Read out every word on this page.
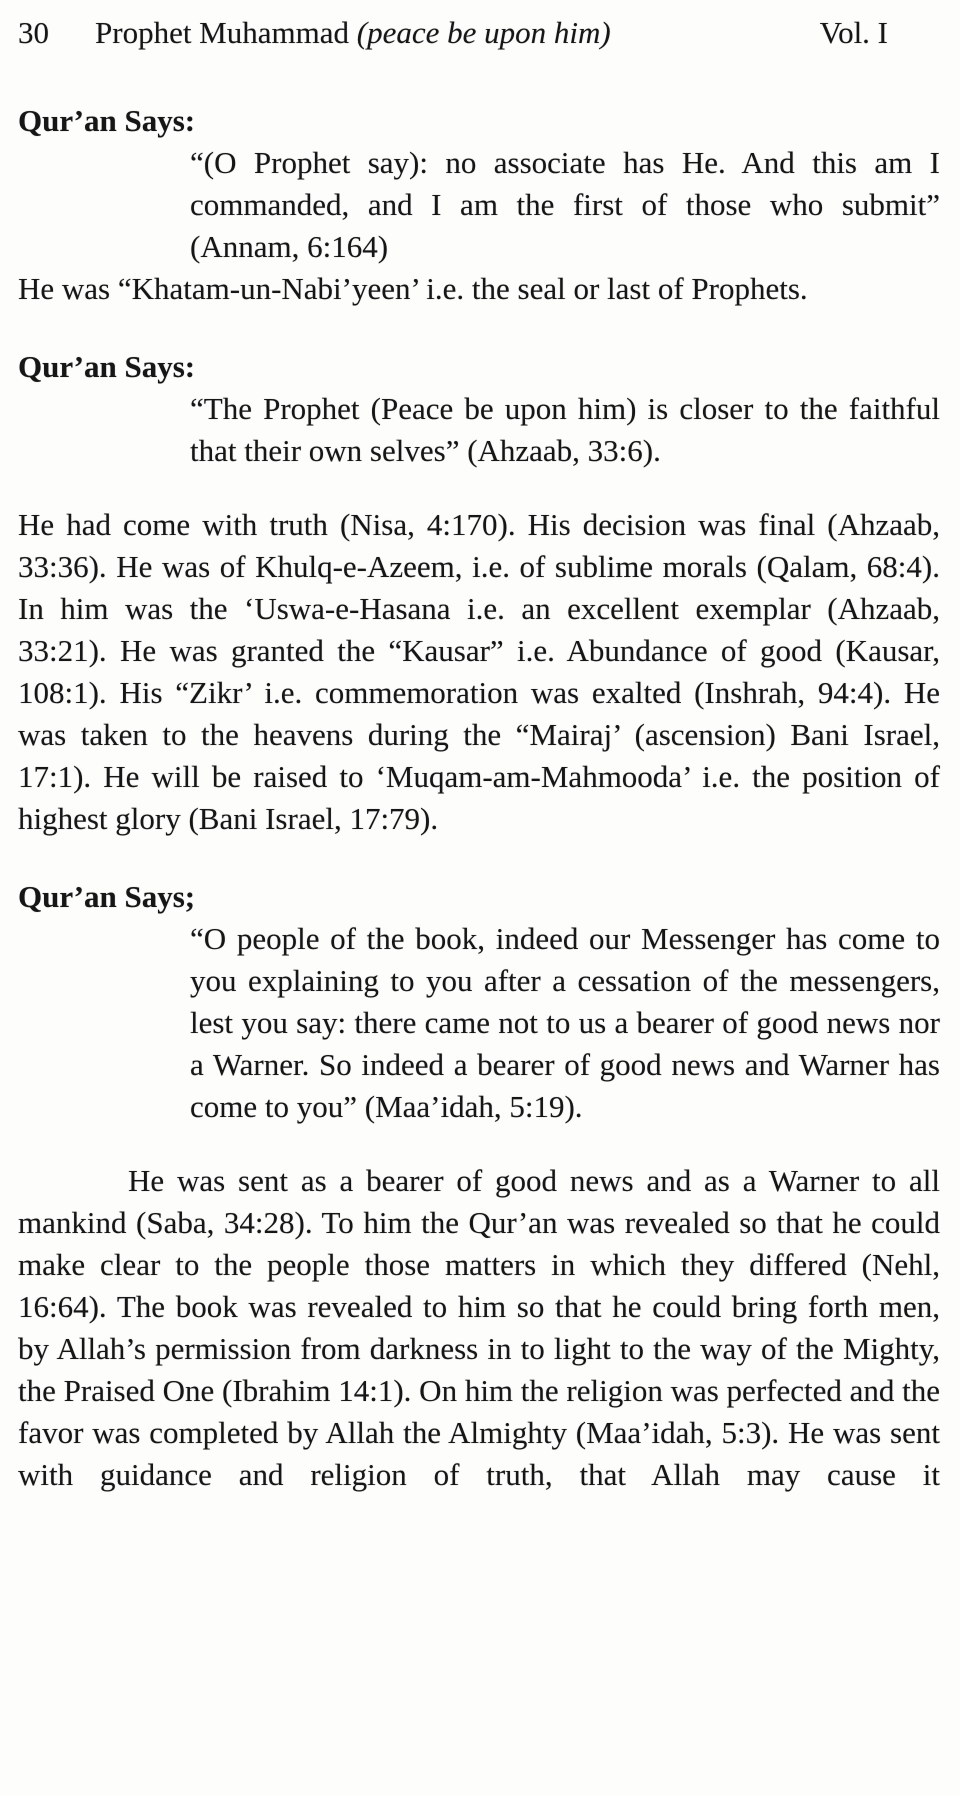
30 Prophet Muhammad (peace be upon him)	Vol. I
Qur’an Says:

“(O Prophet say): no associate has He. And this am I commanded, and I am the first of those who submit” (Annam, 6:164)

He was “Khatam-un-Nabi’yeen’ i.e. the seal or last of Prophets.

Qur’an Says:

“The Prophet (Peace be upon him) is closer to the faithful that their own selves” (Ahzaab, 33:6).

He had come with truth (Nisa, 4:170). His decision was final (Ahzaab, 33:36). He was of Khulq-e-Azeem, i.e. of sublime morals (Qalam, 68:4). In him was the ‘Uswa-e-Hasana i.e. an excellent exemplar (Ahzaab, 33:21). He was granted the “Kausar” i.e. Abundance of good (Kausar, 108:1). His “Zikr’ i.e. commemoration was exalted (Inshrah, 94:4). He was taken to the heavens during the “Mairaj’ (ascension) Bani Israel, 17:1). He will be raised to ‘Muqam-am-Mahmooda’ i.e. the position of highest glory (Bani Israel, 17:79).

Qur’an Says;

“O people of the book, indeed our Messenger has come to you explaining to you after a cessation of the messengers, lest you say: there came not to us a bearer of good news nor a Warner. So indeed a bearer of good news and Warner has come to you” (Maa’idah, 5:19).

He was sent as a bearer of good news and as a Warner to all mankind (Saba, 34:28). To him the Qur’an was revealed so that he could make clear to the people those matters in which they differed (Nehl, 16:64). The book was revealed to him so that he could bring forth men, by Allah’s permission from darkness in to light to the way of the Mighty, the Praised One (Ibrahim 14:1). On him the religion was perfected and the favor was completed by Allah the Almighty (Maa’idah, 5:3). He was sent with guidance and religion of truth, that Allah may cause it
